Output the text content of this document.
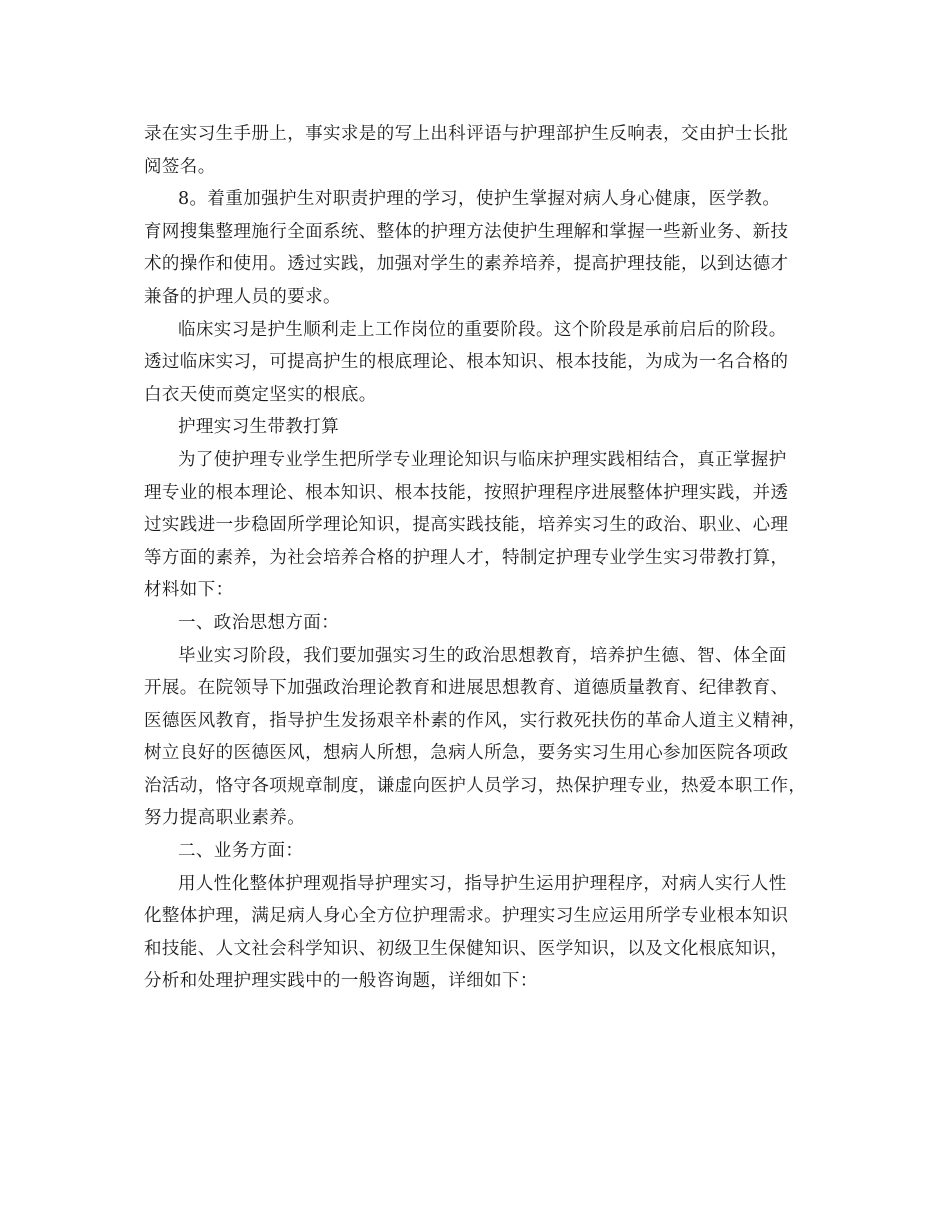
录在实习生手册上，事实求是的写上出科评语与护理部护生反响表，交由护士长批
阅签名。
8。着重加强护生对职责护理的学习，使护生掌握对病人身心健康，医学教。
育网搜集整理施行全面系统、整体的护理方法使护生理解和掌握一些新业务、新技
术的操作和使用。透过实践，加强对学生的素养培养，提高护理技能，以到达德才
兼备的护理人员的要求。
临床实习是护生顺利走上工作岗位的重要阶段。这个阶段是承前启后的阶段。
透过临床实习，可提高护生的根底理论、根本知识、根本技能，为成为一名合格的
白衣天使而奠定坚实的根底。
护理实习生带教打算
为了使护理专业学生把所学专业理论知识与临床护理实践相结合，真正掌握护
理专业的根本理论、根本知识、根本技能，按照护理程序进展整体护理实践，并透
过实践进一步稳固所学理论知识，提高实践技能，培养实习生的政治、职业、心理
等方面的素养，为社会培养合格的护理人才，特制定护理专业学生实习带教打算，
材料如下：
一、政治思想方面：
毕业实习阶段，我们要加强实习生的政治思想教育，培养护生德、智、体全面
开展。在院领导下加强政治理论教育和进展思想教育、道德质量教育、纪律教育、
医德医风教育，指导护生发扬艰辛朴素的作风，实行救死扶伤的革命人道主义精神，
树立良好的医德医风，想病人所想，急病人所急，要务实习生用心参加医院各项政
治活动，恪守各项规章制度，谦虚向医护人员学习，热保护理专业，热爱本职工作，
努力提高职业素养。
二、业务方面：
用人性化整体护理观指导护理实习，指导护生运用护理程序，对病人实行人性
化整体护理，满足病人身心全方位护理需求。护理实习生应运用所学专业根本知识
和技能、人文社会科学知识、初级卫生保健知识、医学知识，以及文化根底知识，
分析和处理护理实践中的一般咨询题，详细如下：
